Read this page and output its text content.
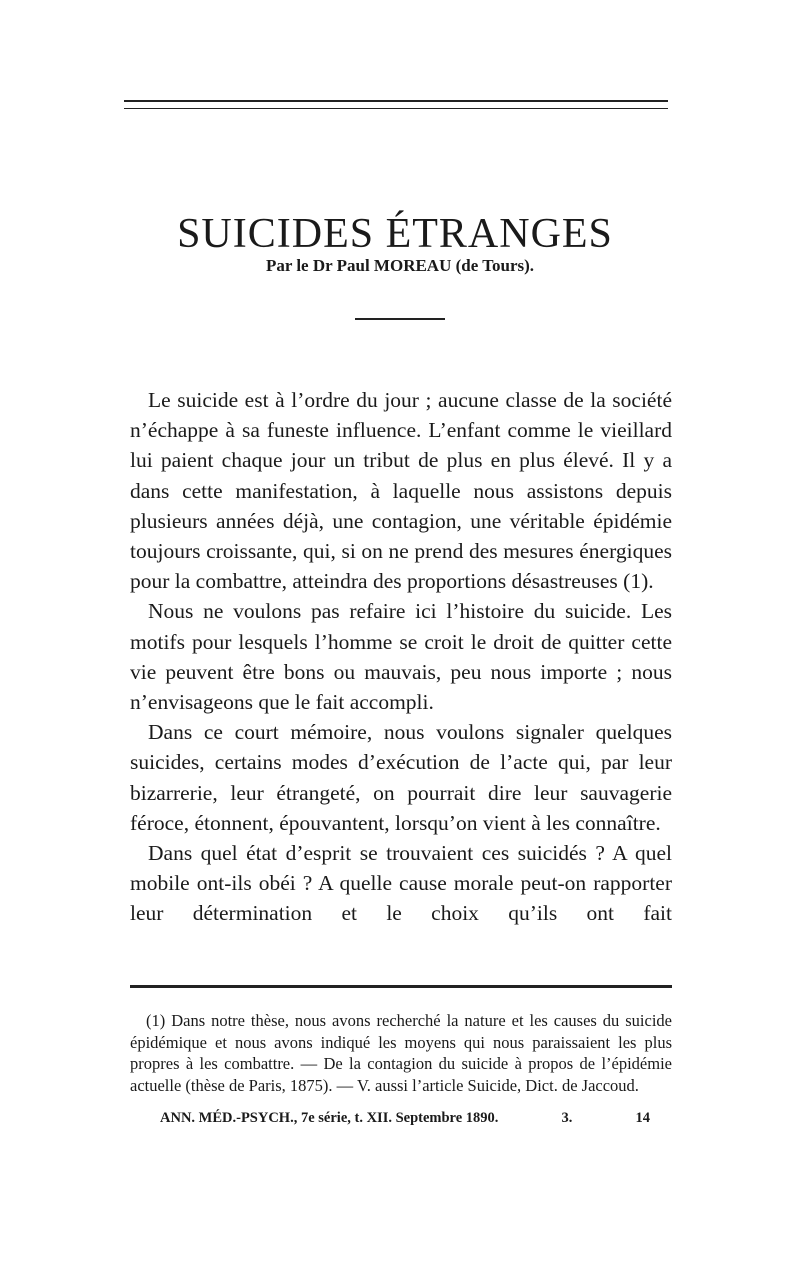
SUICIDES ÉTRANGES
Par le Dr Paul MOREAU (de Tours).

Le suicide est à l’ordre du jour ; aucune classe de la société n’échappe à sa funeste influence. L’enfant comme le vieillard lui paient chaque jour un tribut de plus en plus élevé. Il y a dans cette manifestation, à laquelle nous assistons depuis plusieurs années déjà, une contagion, une véritable épidémie toujours croissante, qui, si on ne prend des mesures énergiques pour la combattre, atteindra des proportions désastreuses (1).

Nous ne voulons pas refaire ici l’histoire du suicide. Les motifs pour lesquels l’homme se croit le droit de quitter cette vie peuvent être bons ou mauvais, peu nous importe ; nous n’envisageons que le fait accompli.

Dans ce court mémoire, nous voulons signaler quelques suicides, certains modes d’exécution de l’acte qui, par leur bizarrerie, leur étrangeté, on pourrait dire leur sauvagerie féroce, étonnent, épouvantent, lorsqu’on vient à les connaître.

Dans quel état d’esprit se trouvaient ces suicidés ? A quel mobile ont-ils obéi ? A quelle cause morale peut-on rapporter leur détermination et le choix qu’ils ont fait

(1) Dans notre thèse, nous avons recherché la nature et les causes du suicide épidémique et nous avons indiqué les moyens qui nous paraissaient les plus propres à les combattre. — De la contagion du suicide à propos de l’épidémie actuelle (thèse de Paris, 1875). — V. aussi l’article Suicide, Dict. de Jaccoud.

ANN. MÉD.-PSYCH., 7e série, t. XII. Septembre 1890.	3.	14
